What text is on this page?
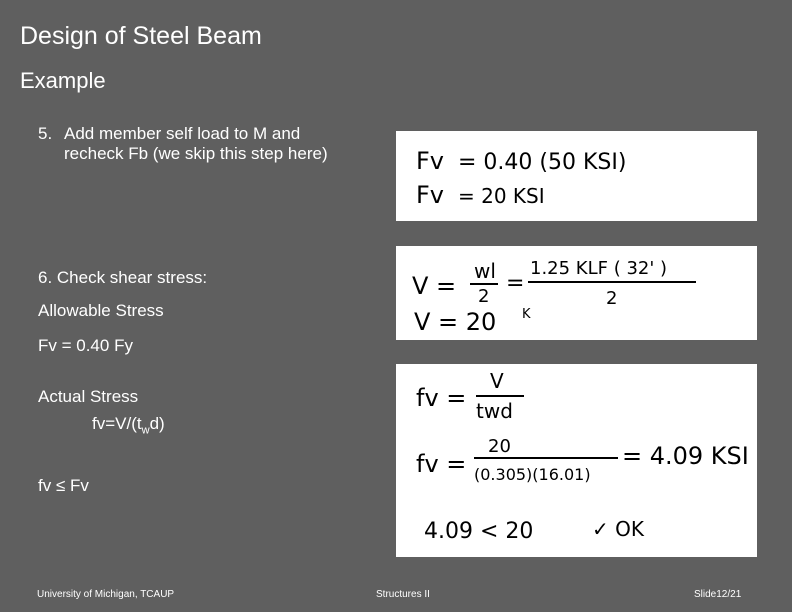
Design of Steel Beam
Example
5. Add member self load to M and recheck Fb (we skip this step here)
6. Check shear stress:
Allowable Stress
Fv = 0.40 Fy
Actual Stress
$fv=V/(t_wd)$
fv ≤ Fv
Fv = 0.40 (50 KSI)
Fv = 20 KSI
V =
wl
2
=
1.25 KLF ( 32' )
2
V = 20 K
fv =
V
twd
fv =
20
(0.305)(16.01)
= 4.09 KSI
4.09 < 20	✓ OK
University of Michigan, TCAUP	Structures II	Slide12/21
